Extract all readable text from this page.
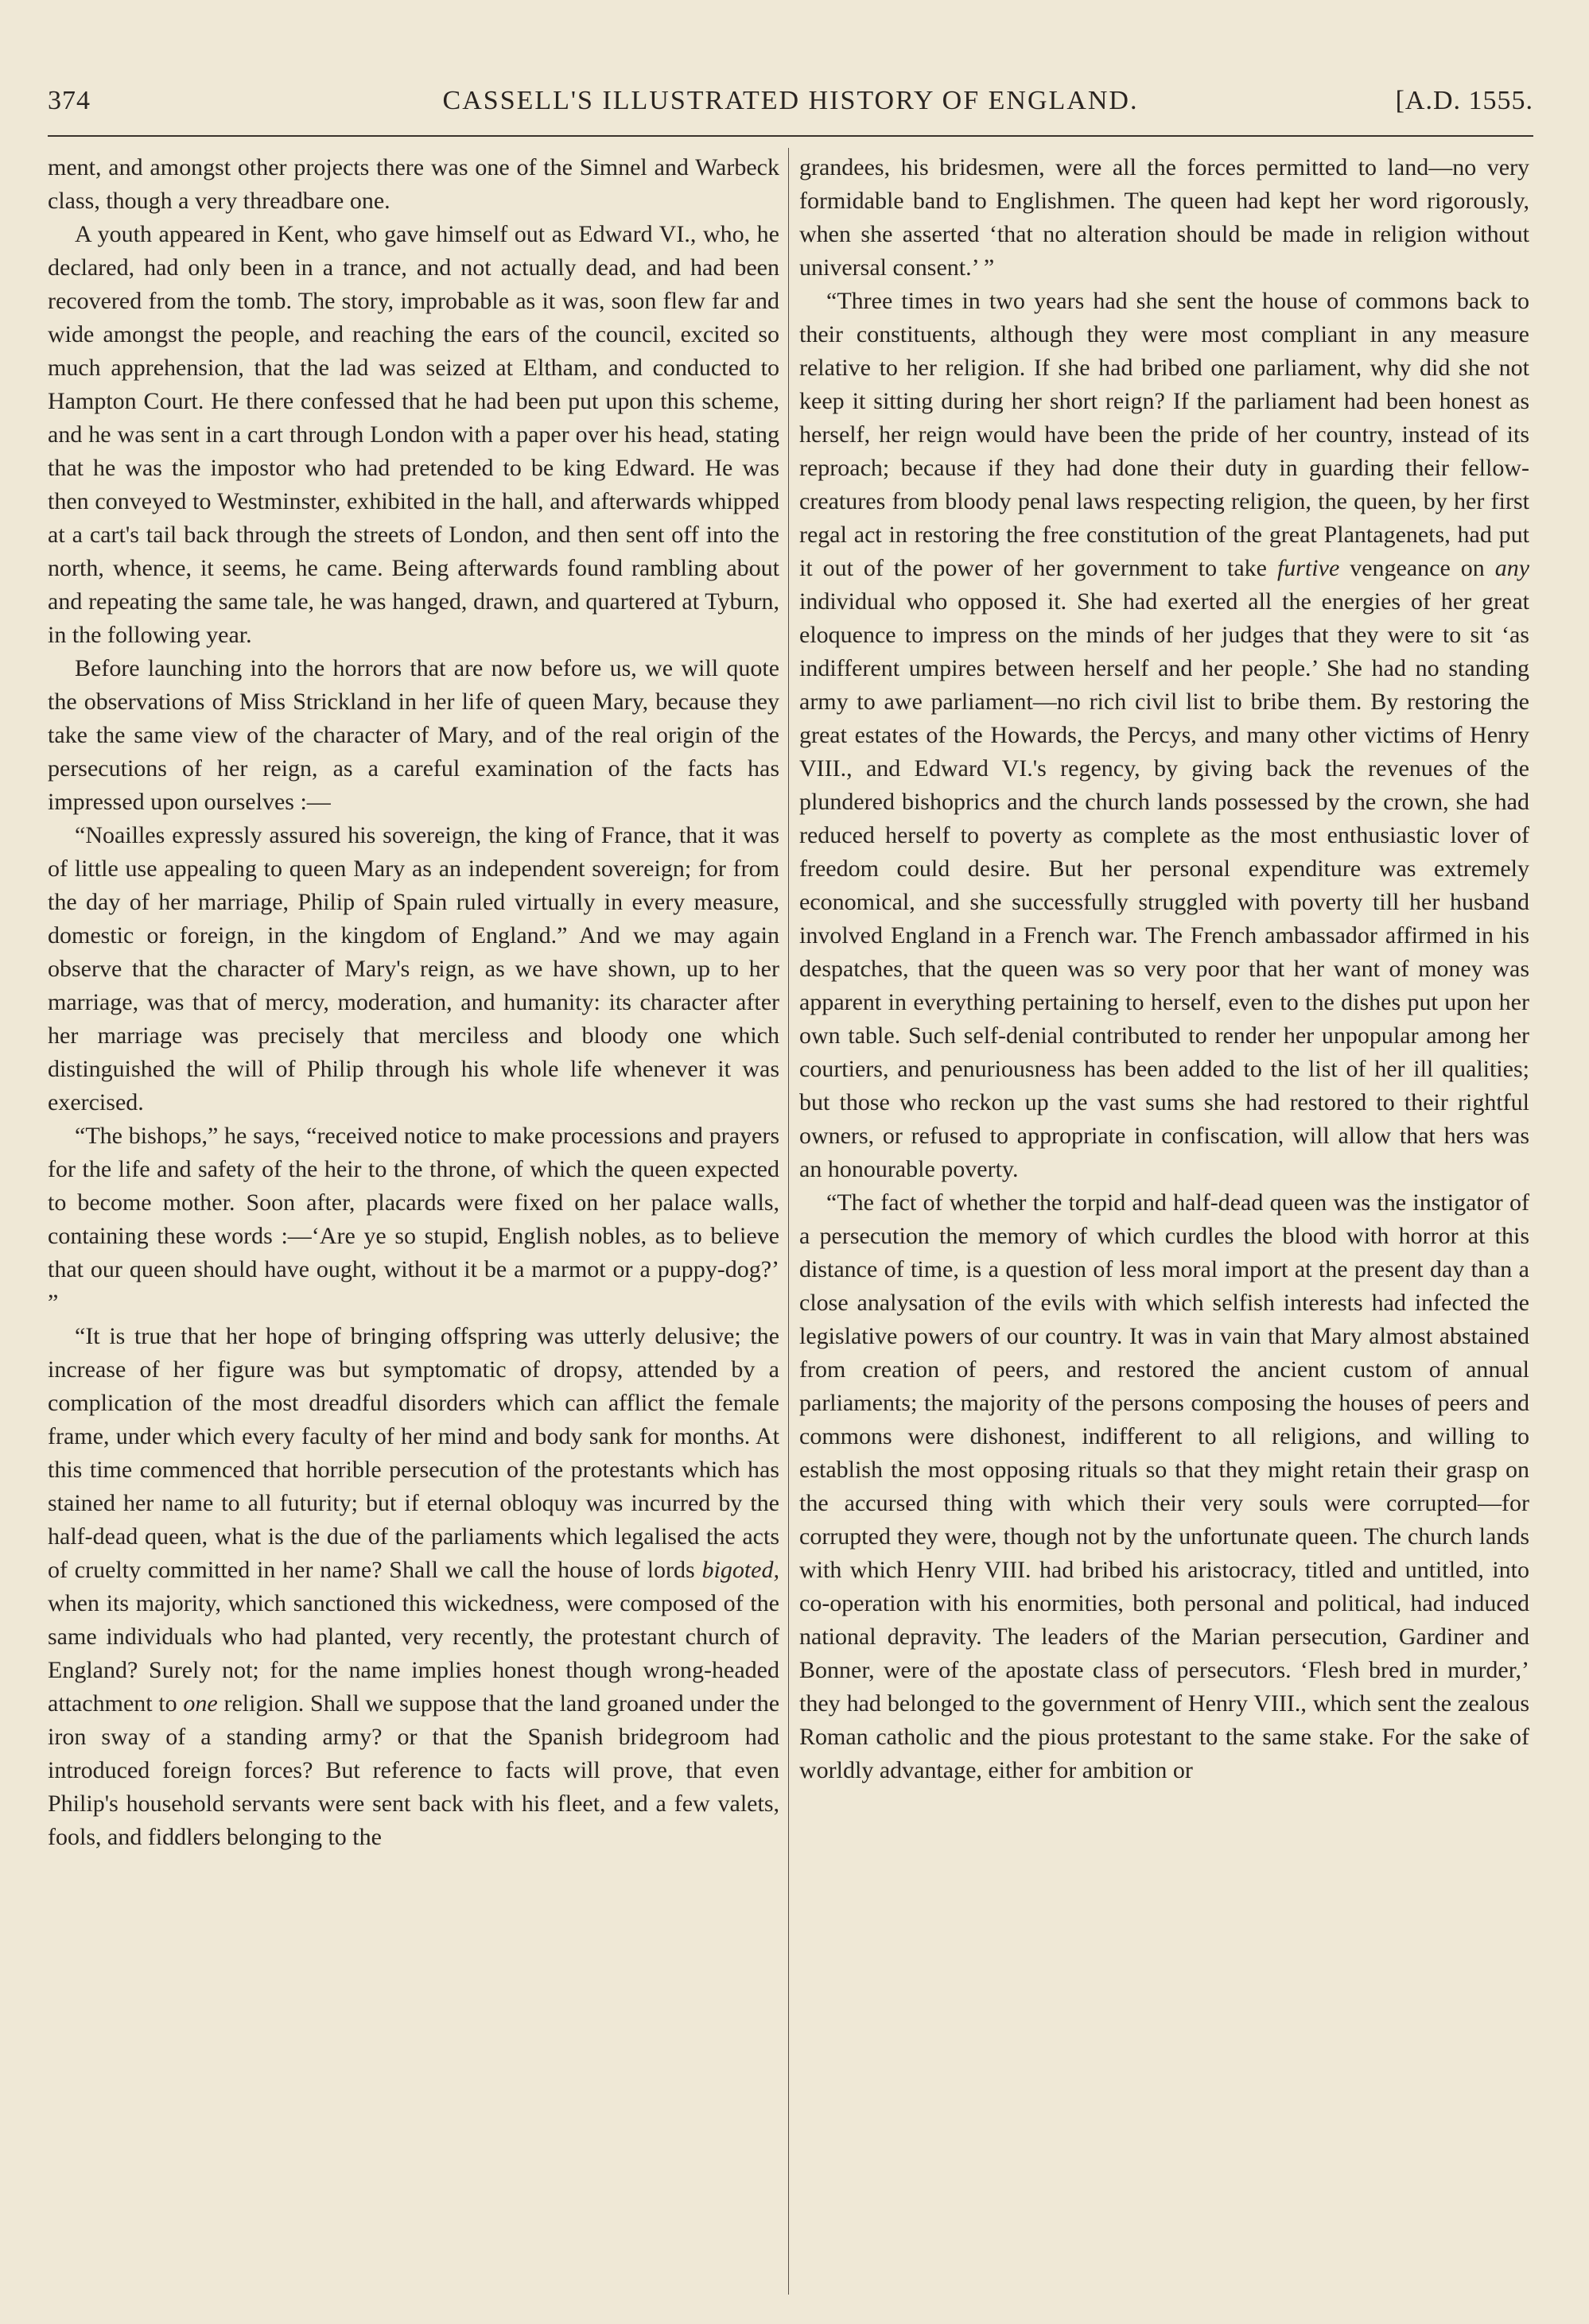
374	CASSELL'S ILLUSTRATED HISTORY OF ENGLAND.	[A.D. 1555.

ment, and amongst other projects there was one of the Simnel and Warbeck class, though a very threadbare one.

A youth appeared in Kent, who gave himself out as Edward VI., who, he declared, had only been in a trance, and not actually dead, and had been recovered from the tomb. The story, improbable as it was, soon flew far and wide amongst the people, and reaching the ears of the council, excited so much apprehension, that the lad was seized at Eltham, and conducted to Hampton Court. He there confessed that he had been put upon this scheme, and he was sent in a cart through London with a paper over his head, stating that he was the impostor who had pretended to be king Edward. He was then conveyed to Westminster, exhibited in the hall, and afterwards whipped at a cart's tail back through the streets of London, and then sent off into the north, whence, it seems, he came. Being afterwards found rambling about and repeating the same tale, he was hanged, drawn, and quartered at Tyburn, in the following year.

Before launching into the horrors that are now before us, we will quote the observations of Miss Strickland in her life of queen Mary, because they take the same view of the character of Mary, and of the real origin of the persecutions of her reign, as a careful examination of the facts has impressed upon ourselves :—

“Noailles expressly assured his sovereign, the king of France, that it was of little use appealing to queen Mary as an independent sovereign; for from the day of her marriage, Philip of Spain ruled virtually in every measure, domestic or foreign, in the kingdom of England.” And we may again observe that the character of Mary's reign, as we have shown, up to her marriage, was that of mercy, moderation, and humanity: its character after her marriage was precisely that merciless and bloody one which distinguished the will of Philip through his whole life whenever it was exercised.

“The bishops,” he says, “received notice to make processions and prayers for the life and safety of the heir to the throne, of which the queen expected to become mother. Soon after, placards were fixed on her palace walls, containing these words :—‘Are ye so stupid, English nobles, as to believe that our queen should have ought, without it be a marmot or a puppy-dog?’ ”

“It is true that her hope of bringing offspring was utterly delusive; the increase of her figure was but symptomatic of dropsy, attended by a complication of the most dreadful disorders which can afflict the female frame, under which every faculty of her mind and body sank for months. At this time commenced that horrible persecution of the protestants which has stained her name to all futurity; but if eternal obloquy was incurred by the half-dead queen, what is the due of the parliaments which legalised the acts of cruelty committed in her name? Shall we call the house of lords bigoted, when its majority, which sanctioned this wickedness, were composed of the same individuals who had planted, very recently, the protestant church of England? Surely not; for the name implies honest though wrong-headed attachment to one religion. Shall we suppose that the land groaned under the iron sway of a standing army? or that the Spanish bridegroom had introduced foreign forces? But reference to facts will prove, that even Philip's household servants were sent back with his fleet, and a few valets, fools, and fiddlers belonging to the

grandees, his bridesmen, were all the forces permitted to land—no very formidable band to Englishmen. The queen had kept her word rigorously, when she asserted ‘that no alteration should be made in religion without universal consent.’ ”

“Three times in two years had she sent the house of commons back to their constituents, although they were most compliant in any measure relative to her religion. If she had bribed one parliament, why did she not keep it sitting during her short reign? If the parliament had been honest as herself, her reign would have been the pride of her country, instead of its reproach; because if they had done their duty in guarding their fellow-creatures from bloody penal laws respecting religion, the queen, by her first regal act in restoring the free constitution of the great Plantagenets, had put it out of the power of her government to take furtive vengeance on any individual who opposed it. She had exerted all the energies of her great eloquence to impress on the minds of her judges that they were to sit ‘as indifferent umpires between herself and her people.’ She had no standing army to awe parliament—no rich civil list to bribe them. By restoring the great estates of the Howards, the Percys, and many other victims of Henry VIII., and Edward VI.'s regency, by giving back the revenues of the plundered bishoprics and the church lands possessed by the crown, she had reduced herself to poverty as complete as the most enthusiastic lover of freedom could desire. But her personal expenditure was extremely economical, and she successfully struggled with poverty till her husband involved England in a French war. The French ambassador affirmed in his despatches, that the queen was so very poor that her want of money was apparent in everything pertaining to herself, even to the dishes put upon her own table. Such self-denial contributed to render her unpopular among her courtiers, and penuriousness has been added to the list of her ill qualities; but those who reckon up the vast sums she had restored to their rightful owners, or refused to appropriate in confiscation, will allow that hers was an honourable poverty.

“The fact of whether the torpid and half-dead queen was the instigator of a persecution the memory of which curdles the blood with horror at this distance of time, is a question of less moral import at the present day than a close analysation of the evils with which selfish interests had infected the legislative powers of our country. It was in vain that Mary almost abstained from creation of peers, and restored the ancient custom of annual parliaments; the majority of the persons composing the houses of peers and commons were dishonest, indifferent to all religions, and willing to establish the most opposing rituals so that they might retain their grasp on the accursed thing with which their very souls were corrupted—for corrupted they were, though not by the unfortunate queen. The church lands with which Henry VIII. had bribed his aristocracy, titled and untitled, into co-operation with his enormities, both personal and political, had induced national depravity. The leaders of the Marian persecution, Gardiner and Bonner, were of the apostate class of persecutors. ‘Flesh bred in murder,’ they had belonged to the government of Henry VIII., which sent the zealous Roman catholic and the pious protestant to the same stake. For the sake of worldly advantage, either for ambition or
